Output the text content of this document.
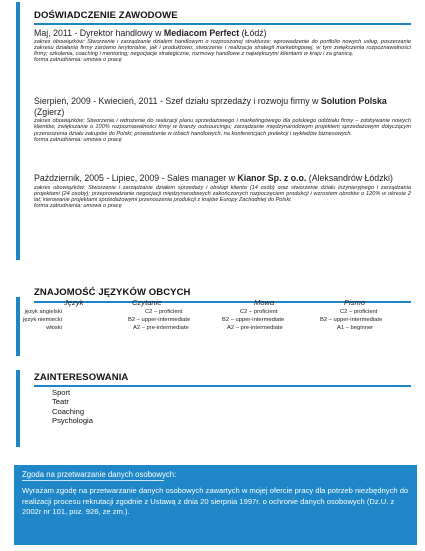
DOŚWIADCZENIE ZAWODOWE
Maj, 2011 - Dyrektor handlowy w Mediacom Perfect (Łódź)

zakres obowiązków: Stworzenie i zarządzanie działem handlowym o rozproszonej strukturze; wprowadzenie do portfolio nowych usług, poszerzanie zakresu działania firmy zarówno terytorialne, jak i produktowo; stworzenie i realizacja strategii marketingowej, w tym zwiększenia rozpoznawalności firmy; szkolenia, coaching i mentoring; negocjacje strategiczne, rozmowy handlowe z największymi klientami w kraju i za granicą.

forma zatrudnienia: umowa o pracę

Sierpień, 2009 - Kwiecień, 2011 - Szef działu sprzedaży i rozwoju firmy w Solution Polska (Zgierz)

zakres obowiązków: Stworzenie i wdrożenie do realizacji planu sprzedażowego i marketingowego dla polskiego oddziału firmy – zdobywanie nowych klientów, zwiększanie o 100% rozpoznawalności firmy w branży outsourcingu; zarządzanie międzynarodowym projektem sprzedażowym dotyczącym przenoszenia działu zakupów do Polski; prowadzenie w izbach handlowych, na konferencjach prelekcji i wykładów biznesowych.

forma zatrudnienia: umowa o pracę

Październik, 2005 - Lipiec, 2009 - Sales manager w Kianor Sp. z o.o. (Aleksandrów Łódzki)

zakres obowiązków: Stworzenie i zarządzanie działem sprzedaży i obsługi klienta (14 osób) oraz stworzenie działu inżynieryjnego i zarządzania projektami (24 osoby); przeprowadzanie negocjacji międzynarodowych zakończonych rozpoczęciem produkcji i wzrostem obrotów o 120% w okresie 2 lat; kierowanie projektami sprzedażowymi przenoszenia produkcji z krajów Europy Zachodniej do Polski.

forma zatrudnienia: umowa o pracę

ZNAJOMOŚĆ JĘZYKÓW OBCYCH
Język	Czytanie	Mowa	Pismo
język angielski	C2 – proficient	C2 – proficient	C2 – proficient
język niemiecki	B2 – upper-intermediate	B2 – upper-intermediate	B2 – upper-intermediate
włoski	A2 – pre-intermediate	A2 – pre-intermediate	A1 – beginner
ZAINTERESOWANIA
Sport
Teatr
Coaching
Psychologia
Zgoda na przetwarzanie danych osobowych:
Wyrażam zgodę na przetwarzanie danych osobowych zawartych w mojej ofercie pracy dla potrzeb niezbędnych do realizacji procesu rekrutacji zgodnie z Ustawą z dnia 20 sierpnia 1997r. o ochronie danych osobowych (Dz.U. z 2002r nr 101, poz. 926, ze zm.).
